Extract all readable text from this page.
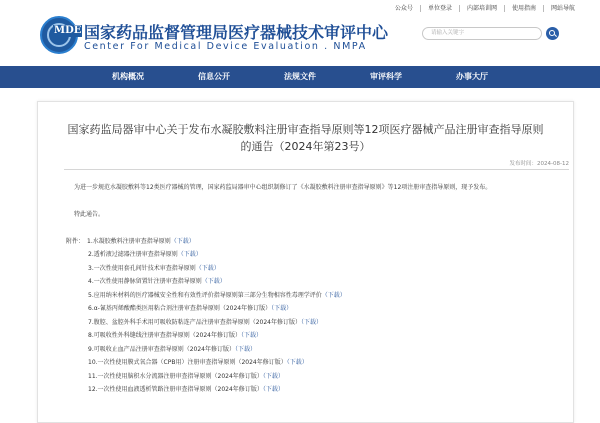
公众号	单位登录	内部培训网	使用指南	网站导航
MDE 国家药品监督管理局医疗器械技术审评中心
Center For Medical Device Evaluation . NMPA
请输入关键字
机构概况	信息公开	法规文件	审评科学	办事大厅
国家药监局器审中心关于发布水凝胶敷料注册审查指导原则等12项医疗器械产品注册审查指导原则
的通告（2024年第23号）
发布时间：2024-08-12
为进一步规范水凝胶敷料等12类医疗器械的管理，国家药监局器审中心组织制修订了《水凝胶敷料注册审查指导原则》等12项注册审查指导原则，现予发布。
特此通告。
附件： 1.水凝胶敷料注册审查指导原则（下载）
2.透析液过滤器注册审查指导原则（下载）
3.一次性使用套孔间针技术审查指导原则（下载）
4.一次性使用静脉留置针注册审查指导原则（下载）
5.应用纳米材料的医疗器械安全性和有效性评价指导原则第三部分生物相容性毒理学评价（下载）
6.α-氰基丙烯酸酯类医用粘合剂注册审查指导原则（2024年修订版）（下载）
7.腹腔、盆腔外科手术用可吸收防粘连产品注册审查指导原则（2024年修订版）（下载）
8.可吸收性外科缝线注册审查指导原则（2024年修订版）（下载）
9.可吸收止血产品注册审查指导原则（2024年修订版）（下载）
10.一次性使用膜式氧合器（CPB用）注册审查指导原则（2024年修订版）（下载）
11.一次性使用脑积水分流器注册审查指导原则（2024年修订版）（下载）
12.一次性使用血液透析管路注册审查指导原则（2024年修订版）（下载）
